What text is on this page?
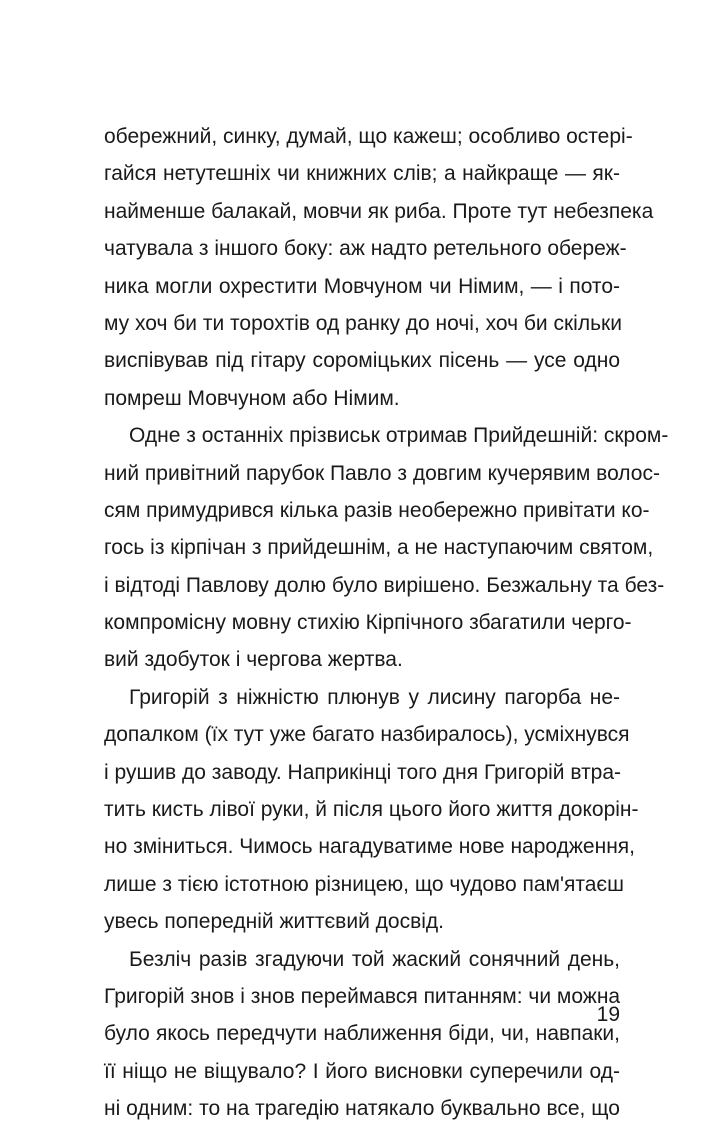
обережний, синку, думай, що кажеш; особливо остері-
гайся нетутешніх чи книжних слів; а найкраще — як-
найменше балакай, мовчи як риба. Проте тут небезпека
чатувала з іншого боку: аж надто ретельного обереж-
ника могли охрестити Мовчуном чи Німим, — і пото-
му хоч би ти торохтів од ранку до ночі, хоч би скільки
виспівував під гітару сороміцьких пісень — усе одно
помреш Мовчуном або Німим.
Одне з останніх прізвиськ отримав Прийдешній: скром-
ний привітний парубок Павло з довгим кучерявим волос-
сям примудрився кілька разів необережно привітати ко-
гось із кірпічан з прийдешнім, а не наступаючим святом,
і відтоді Павлову долю було вирішено. Безжальну та без-
компромісну мовну стихію Кірпічного збагатили черго-
вий здобуток і чергова жертва.
Григорій з ніжністю плюнув у лисину пагорба не-
допалком (їх тут уже багато назбиралось), усміхнувся
і рушив до заводу. Наприкінці того дня Григорій втра-
тить кисть лівої руки, й після цього його життя докорін-
но зміниться. Чимось нагадуватиме нове народження,
лише з тією істотною різницею, що чудово пам'ятаєш
увесь попередній життєвий досвід.
Безліч разів згадуючи той жаский сонячний день,
Григорій знов і знов переймався питанням: чи можна
було якось передчути наближення біди, чи, навпаки,
її ніщо не віщувало? І його висновки суперечили од-
ні одним: то на трагедію натякало буквально все, що
19
